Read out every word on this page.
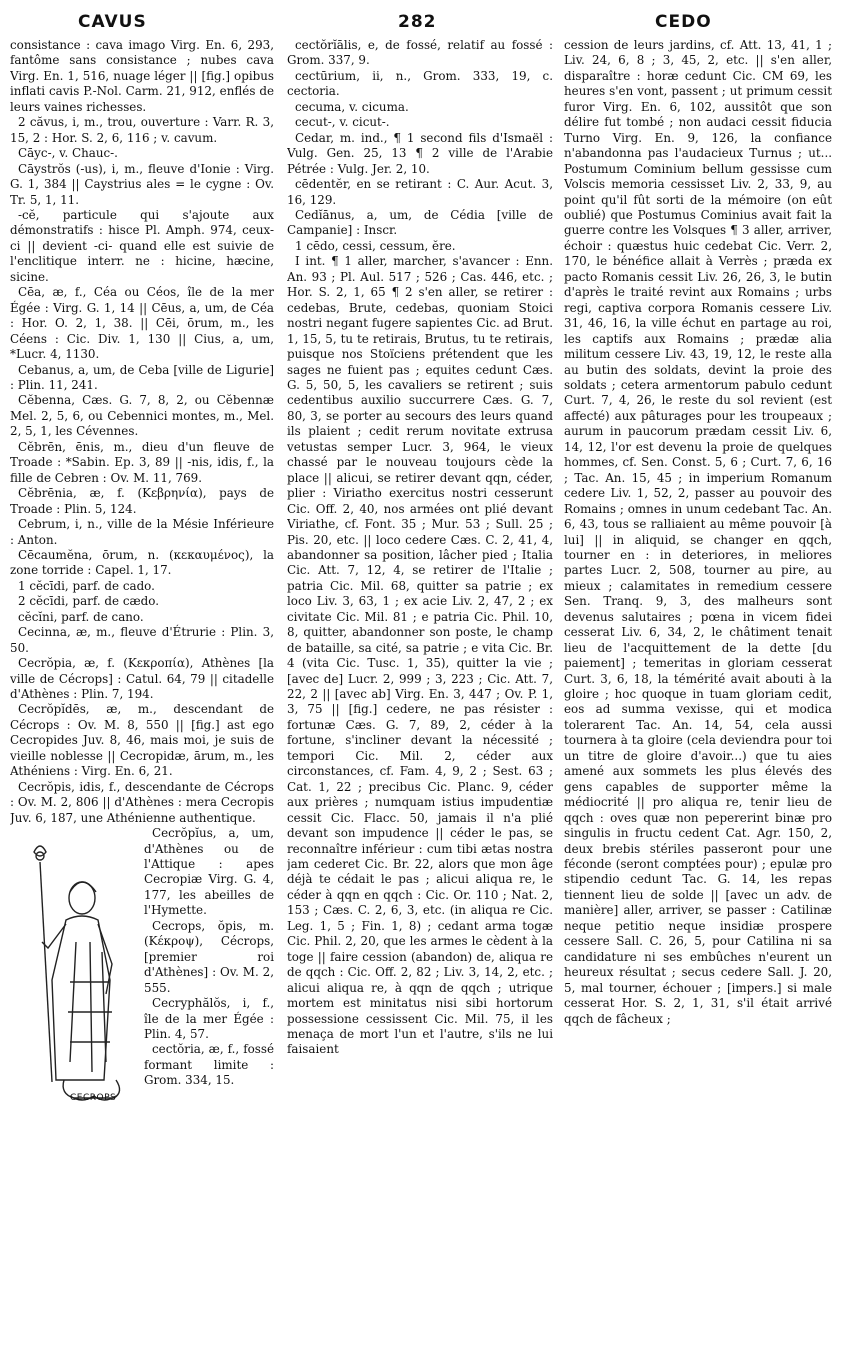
CAVUS	282	CEDO

consistance : cava imago Virg. En. 6, 293, fantôme sans consistance ; nubes cava Virg. En. 1, 516, nuage léger || [fig.] opibus inflati cavis P.-Nol. Carm. 21, 912, enflés de leurs vaines richesses.

2 căvus, i, m., trou, ouverture : Varr. R. 3, 15, 2 : Hor. S. 2, 6, 116 ; v. cavum.

Cāyc-, v. Chauc-.

Cāystrŏs (-us), i, m., fleuve d'Ionie : Virg. G. 1, 384 || Caystrius ales = le cygne : Ov. Tr. 5, 1, 11.

-cĕ, particule qui s'ajoute aux démonstratifs : hisce Pl. Amph. 974, ceux-ci || devient -ci- quand elle est suivie de l'enclitique interr. ne : hicine, hæcine, sicine.

Cēa, æ, f., Céa ou Céos, île de la mer Égée : Virg. G. 1, 14 || Cēus, a, um, de Céa : Hor. O. 2, 1, 38. || Cēi, ōrum, m., les Céens : Cic. Div. 1, 130 || Cius, a, um, *Lucr. 4, 1130.

Cebanus, a, um, de Ceba [ville de Ligurie] : Plin. 11, 241.

Cĕbenna, Cæs. G. 7, 8, 2, ou Cĕbennæ Mel. 2, 5, 6, ou Cebennici montes, m., Mel. 2, 5, 1, les Cévennes.

Cĕbrēn, ēnis, m., dieu d'un fleuve de Troade : *Sabin. Ep. 3, 89 || -nis, idis, f., la fille de Cebren : Ov. M. 11, 769.

Cĕbrēnia, æ, f. (Κεβρηνία), pays de Troade : Plin. 5, 124.

Cebrum, i, n., ville de la Mésie Inférieure : Anton.

Cēcaumĕna, ōrum, n. (κεκαυμένος), la zone torride : Capel. 1, 17.

1 cĕcīdi, parf. de cado.

2 cĕcīdi, parf. de cædo.

cĕcĭni, parf. de cano.

Cecinna, æ, m., fleuve d'Étrurie : Plin. 3, 50.

Cecrŏpia, æ, f. (Κεκροπία), Athènes [la ville de Cécrops] : Catul. 64, 79 || citadelle d'Athènes : Plin. 7, 194.

Cecrŏpĭdēs, æ, m., descendant de Cécrops : Ov. M. 8, 550 || [fig.] ast ego Cecropides Juv. 8, 46, mais moi, je suis de vieille noblesse || Cecropidæ, ārum, m., les Athéniens : Virg. En. 6, 21.

Cecrŏpis, idis, f., descendante de Cécrops : Ov. M. 2, 806 || d'Athènes : mera Cecropis Juv. 6, 187, une Athénienne authentique.

CECROPS

Cecrŏpĭus, a, um, d'Athènes ou de l'Attique : apes Cecropiæ Virg. G. 4, 177, les abeilles de l'Hymette.

Cecrops, ŏpis, m. (Κέκροψ), Cécrops, [premier roi d'Athènes] : Ov. M. 2, 555.

Cecryphălŏs, i, f., île de la mer Égée : Plin. 4, 57.

cectŏria, æ, f., fossé formant limite : Grom. 334, 15.

cectŏrĭālis, e, de fossé, relatif au fossé : Grom. 337, 9.

cectūrium, ii, n., Grom. 333, 19, c. cectoria.

cecuma, v. cicuma.

cecut-, v. cicut-.

Cedar, m. ind., ¶ 1 second fils d'Ismaël : Vulg. Gen. 25, 13 ¶ 2 ville de l'Arabie Pétrée : Vulg. Jer. 2, 10.

cēdentĕr, en se retirant : C. Aur. Acut. 3, 16, 129.

Cedĭānus, a, um, de Cédia [ville de Campanie] : Inscr.

1 cēdo, cessi, cessum, ĕre.

I int. ¶ 1 aller, marcher, s'avancer : Enn. An. 93 ; Pl. Aul. 517 ; 526 ; Cas. 446, etc. ; Hor. S. 2, 1, 65 ¶ 2 s'en aller, se retirer : cedebas, Brute, cedebas, quoniam Stoici nostri negant fugere sapientes Cic. ad Brut. 1, 15, 5, tu te retirais, Brutus, tu te retirais, puisque nos Stoïciens prétendent que les sages ne fuient pas ; equites cedunt Cæs. G. 5, 50, 5, les cavaliers se retirent ; suis cedentibus auxilio succurrere Cæs. G. 7, 80, 3, se porter au secours des leurs quand ils plaient ; cedit rerum novitate extrusa vetustas semper Lucr. 3, 964, le vieux chassé par le nouveau toujours cède la place || alicui, se retirer devant qqn, céder, plier : Viriatho exercitus nostri cesserunt Cic. Off. 2, 40, nos armées ont plié devant Viriathe, cf. Font. 35 ; Mur. 53 ; Sull. 25 ; Pis. 20, etc. || loco cedere Cæs. C. 2, 41, 4, abandonner sa position, lâcher pied ; Italia Cic. Att. 7, 12, 4, se retirer de l'Italie ; patria Cic. Mil. 68, quitter sa patrie ; ex loco Liv. 3, 63, 1 ; ex acie Liv. 2, 47, 2 ; ex civitate Cic. Mil. 81 ; e patria Cic. Phil. 10, 8, quitter, abandonner son poste, le champ de bataille, sa cité, sa patrie ; e vita Cic. Br. 4 (vita Cic. Tusc. 1, 35), quitter la vie ; [avec de] Lucr. 2, 999 ; 3, 223 ; Cic. Att. 7, 22, 2 || [avec ab] Virg. En. 3, 447 ; Ov. P. 1, 3, 75 || [fig.] cedere, ne pas résister : fortunæ Cæs. G. 7, 89, 2, céder à la fortune, s'incliner devant la nécessité ; tempori Cic. Mil. 2, céder aux circonstances, cf. Fam. 4, 9, 2 ; Sest. 63 ; Cat. 1, 22 ; precibus Cic. Planc. 9, céder aux prières ; numquam istius impudentiæ cessit Cic. Flacc. 50, jamais il n'a plié devant son impudence || céder le pas, se reconnaître inférieur : cum tibi ætas nostra jam cederet Cic. Br. 22, alors que mon âge déjà te cédait le pas ; alicui aliqua re, le céder à qqn en qqch : Cic. Or. 110 ; Nat. 2, 153 ; Cæs. C. 2, 6, 3, etc. (in aliqua re Cic. Leg. 1, 5 ; Fin. 1, 8) ; cedant arma togæ Cic. Phil. 2, 20, que les armes le cèdent à la toge || faire cession (abandon) de, aliqua re de qqch : Cic. Off. 2, 82 ; Liv. 3, 14, 2, etc. ; alicui aliqua re, à qqn de qqch ; utrique mortem est minitatus nisi sibi hortorum possessione cessissent Cic. Mil. 75, il les menaça de mort l'un et l'autre, s'ils ne lui faisaient

cession de leurs jardins, cf. Att. 13, 41, 1 ; Liv. 24, 6, 8 ; 3, 45, 2, etc. || s'en aller, disparaître : horæ cedunt Cic. CM 69, les heures s'en vont, passent ; ut primum cessit furor Virg. En. 6, 102, aussitôt que son délire fut tombé ; non audaci cessit fiducia Turno Virg. En. 9, 126, la confiance n'abandonna pas l'audacieux Turnus ; ut... Postumum Cominium bellum gessisse cum Volscis memoria cessisset Liv. 2, 33, 9, au point qu'il fût sorti de la mémoire (on eût oublié) que Postumus Cominius avait fait la guerre contre les Volsques ¶ 3 aller, arriver, échoir : quæstus huic cedebat Cic. Verr. 2, 170, le bénéfice allait à Verrès ; præda ex pacto Romanis cessit Liv. 26, 26, 3, le butin d'après le traité revint aux Romains ; urbs regi, captiva corpora Romanis cessere Liv. 31, 46, 16, la ville échut en partage au roi, les captifs aux Romains ; prædæ alia militum cessere Liv. 43, 19, 12, le reste alla au butin des soldats, devint la proie des soldats ; cetera armentorum pabulo cedunt Curt. 7, 4, 26, le reste du sol revient (est affecté) aux pâturages pour les troupeaux ; aurum in paucorum prædam cessit Liv. 6, 14, 12, l'or est devenu la proie de quelques hommes, cf. Sen. Const. 5, 6 ; Curt. 7, 6, 16 ; Tac. An. 15, 45 ; in imperium Romanum cedere Liv. 1, 52, 2, passer au pouvoir des Romains ; omnes in unum cedebant Tac. An. 6, 43, tous se ralliaient au même pouvoir [à lui] || in aliquid, se changer en qqch, tourner en : in deteriores, in meliores partes Lucr. 2, 508, tourner au pire, au mieux ; calamitates in remedium cessere Sen. Tranq. 9, 3, des malheurs sont devenus salutaires ; pœna in vicem fidei cesserat Liv. 6, 34, 2, le châtiment tenait lieu de l'acquittement de la dette [du paiement] ; temeritas in gloriam cesserat Curt. 3, 6, 18, la témérité avait abouti à la gloire ; hoc quoque in tuam gloriam cedit, eos ad summa vexisse, qui et modica tolerarent Tac. An. 14, 54, cela aussi tournera à ta gloire (cela deviendra pour toi un titre de gloire d'avoir...) que tu aies amené aux sommets les plus élevés des gens capables de supporter même la médiocrité || pro aliqua re, tenir lieu de qqch : oves quæ non pepererint binæ pro singulis in fructu cedent Cat. Agr. 150, 2, deux brebis stériles passeront pour une féconde (seront comptées pour) ; epulæ pro stipendio cedunt Tac. G. 14, les repas tiennent lieu de solde || [avec un adv. de manière] aller, arriver, se passer : Catilinæ neque petitio neque insidiæ prospere cessere Sall. C. 26, 5, pour Catilina ni sa candidature ni ses embûches n'eurent un heureux résultat ; secus cedere Sall. J. 20, 5, mal tourner, échouer ; [impers.] si male cesserat Hor. S. 2, 1, 31, s'il était arrivé qqch de fâcheux ;
